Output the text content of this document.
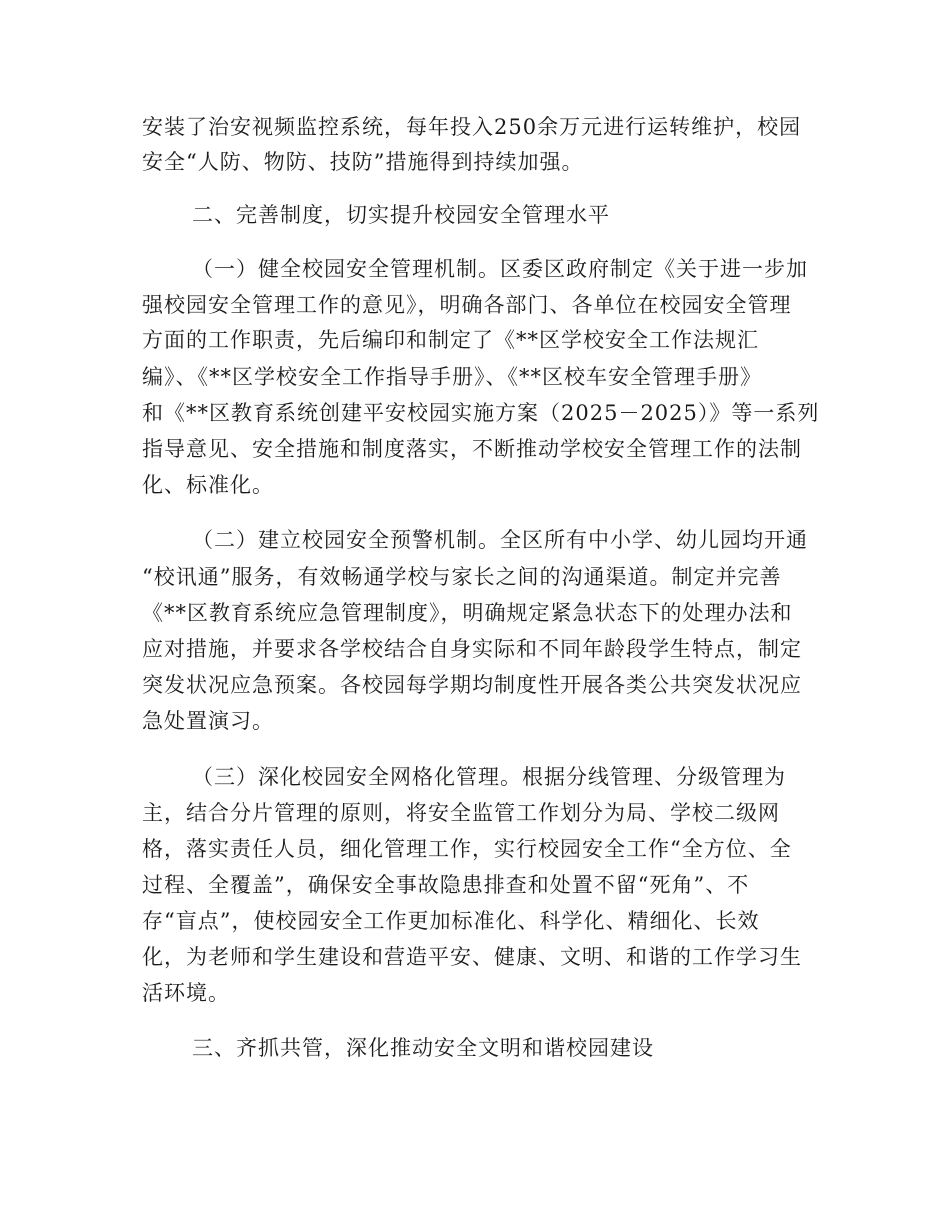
安装了治安视频监控系统，每年投入250余万元进行运转维护，校园
安全“人防、物防、技防”措施得到持续加强。
二、完善制度，切实提升校园安全管理水平
（一）健全校园安全管理机制。区委区政府制定《关于进一步加
强校园安全管理工作的意见》，明确各部门、各单位在校园安全管理
方面的工作职责，先后编印和制定了《**区学校安全工作法规汇
编》、《**区学校安全工作指导手册》、《**区校车安全管理手册》
和《**区教育系统创建平安校园实施方案（2025－2025）》等一系列
指导意见、安全措施和制度落实，不断推动学校安全管理工作的法制
化、标准化。
（二）建立校园安全预警机制。全区所有中小学、幼儿园均开通
“校讯通”服务，有效畅通学校与家长之间的沟通渠道。制定并完善
《**区教育系统应急管理制度》，明确规定紧急状态下的处理办法和
应对措施，并要求各学校结合自身实际和不同年龄段学生特点，制定
突发状况应急预案。各校园每学期均制度性开展各类公共突发状况应
急处置演习。
（三）深化校园安全网格化管理。根据分线管理、分级管理为
主，结合分片管理的原则，将安全监管工作划分为局、学校二级网
格，落实责任人员，细化管理工作，实行校园安全工作“全方位、全
过程、全覆盖”，确保安全事故隐患排查和处置不留“死角”、不
存“盲点”，使校园安全工作更加标准化、科学化、精细化、长效
化，为老师和学生建设和营造平安、健康、文明、和谐的工作学习生
活环境。
三、齐抓共管，深化推动安全文明和谐校园建设
